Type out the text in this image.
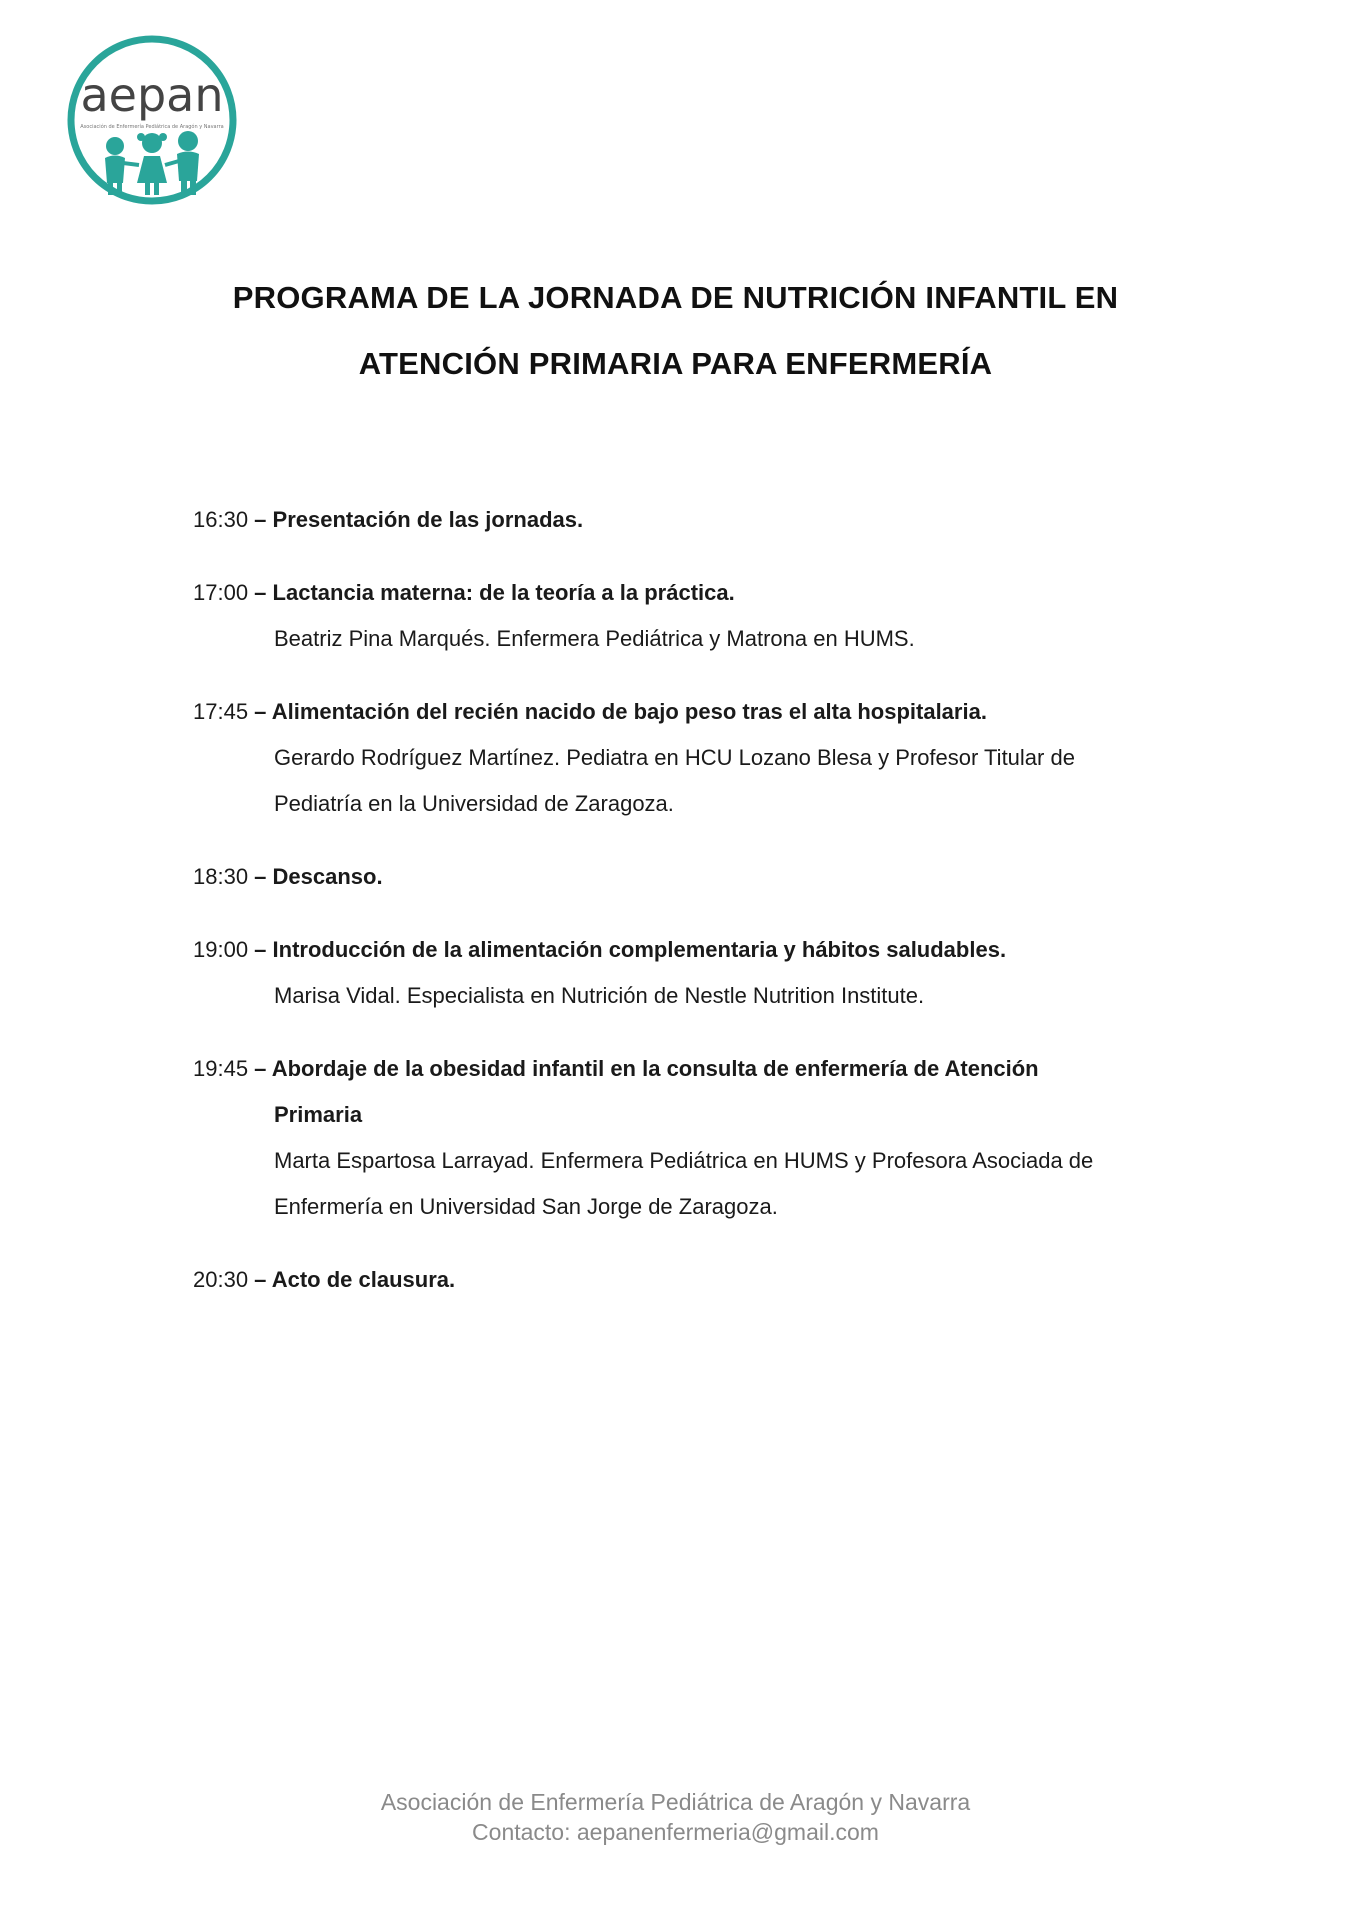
aepan
Asociación de Enfermería Pediátrica de Aragón y Navarra
PROGRAMA DE LA JORNADA DE NUTRICIÓN INFANTIL EN
ATENCIÓN PRIMARIA PARA ENFERMERÍA
16:30 – Presentación de las jornadas.
17:00 – Lactancia materna: de la teoría a la práctica.
Beatriz Pina Marqués. Enfermera Pediátrica y Matrona en HUMS.
17:45 – Alimentación del recién nacido de bajo peso tras el alta hospitalaria.
Gerardo Rodríguez Martínez. Pediatra en HCU Lozano Blesa y Profesor Titular de Pediatría en la Universidad de Zaragoza.
18:30 – Descanso.
19:00 – Introducción de la alimentación complementaria y hábitos saludables.
Marisa Vidal. Especialista en Nutrición de Nestle Nutrition Institute.
19:45 – Abordaje de la obesidad infantil en la consulta de enfermería de Atención
Primaria
Marta Espartosa Larrayad. Enfermera Pediátrica en HUMS y Profesora Asociada de Enfermería en Universidad San Jorge de Zaragoza.
20:30 – Acto de clausura.
Asociación de Enfermería Pediátrica de Aragón y Navarra
Contacto: aepanenfermeria@gmail.com
